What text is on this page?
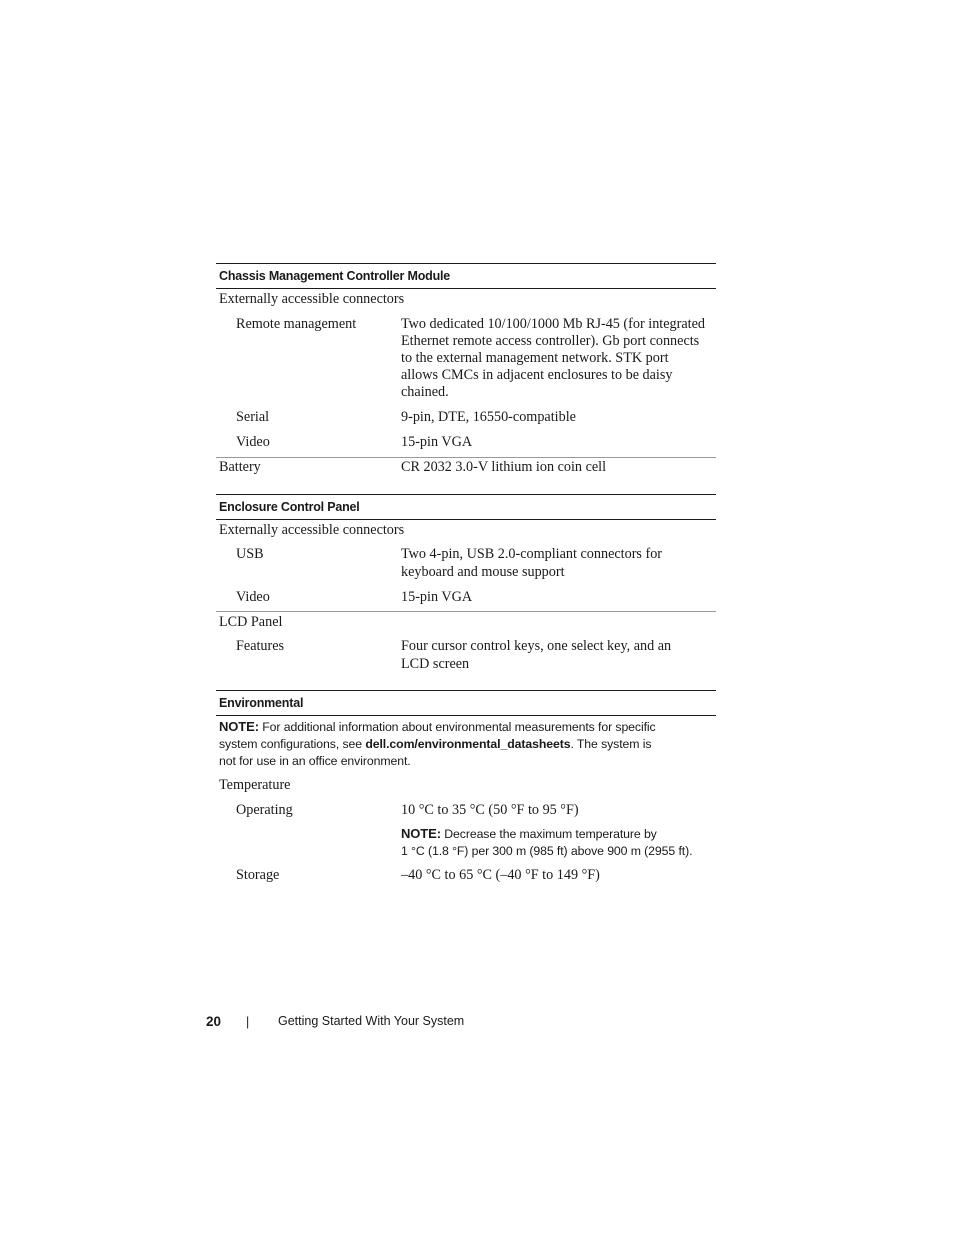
Chassis Management Controller Module
Externally accessible connectors
Remote management	Two dedicated 10/100/1000 Mb RJ-45 (for integrated
Ethernet remote access controller). Gb port connects
to the external management network. STK port
allows CMCs in adjacent enclosures to be daisy
chained.
Serial	9-pin, DTE, 16550-compatible
Video	15-pin VGA
Battery	CR 2032 3.0-V lithium ion coin cell
Enclosure Control Panel
Externally accessible connectors
USB	Two 4-pin, USB 2.0-compliant connectors for
keyboard and mouse support
Video	15-pin VGA
LCD Panel
Features	Four cursor control keys, one select key, and an
LCD screen
Environmental
NOTE: For additional information about environmental measurements for specific
system configurations, see dell.com/environmental_datasheets. The system is
not for use in an office environment.
Temperature
Operating	10 °C to 35 °C (50 °F to 95 °F)
NOTE: Decrease the maximum temperature by
1 °C (1.8 °F) per 300 m (985 ft) above 900 m (2955 ft).
Storage	–40 °C to 65 °C (–40 °F to 149 °F)
20 | Getting Started With Your System
